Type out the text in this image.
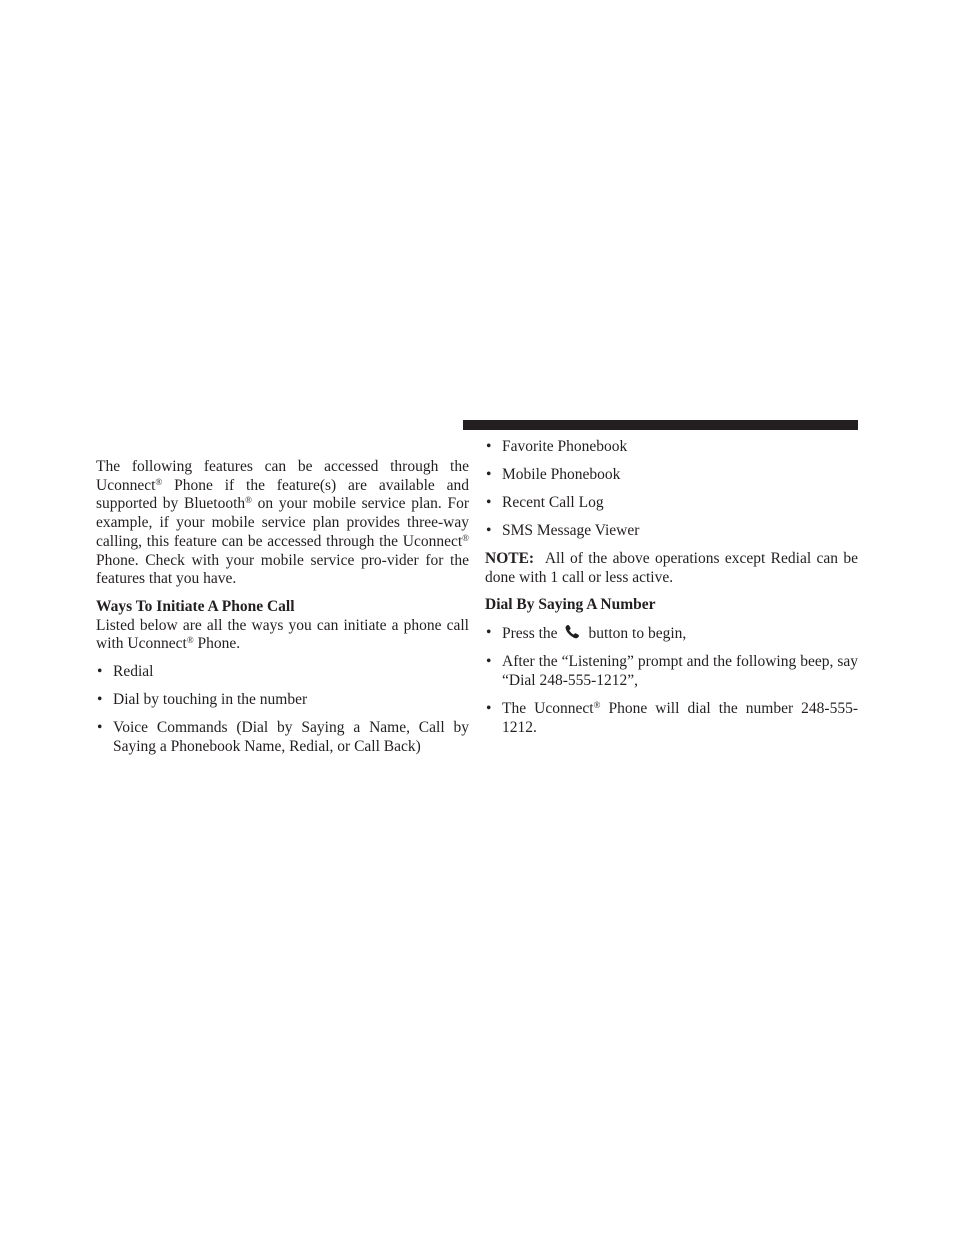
The following features can be accessed through the Uconnect® Phone if the feature(s) are available and supported by Bluetooth® on your mobile service plan. For example, if your mobile service plan provides three-way calling, this feature can be accessed through the Uconnect® Phone. Check with your mobile service pro-vider for the features that you have.

Ways To Initiate A Phone Call

Listed below are all the ways you can initiate a phone call with Uconnect® Phone.

• Redial
• Dial by touching in the number
• Voice Commands (Dial by Saying a Name, Call by Saying a Phonebook Name, Redial, or Call Back)
• Favorite Phonebook
• Mobile Phonebook
• Recent Call Log
• SMS Message Viewer

NOTE: All of the above operations except Redial can be done with 1 call or less active.

Dial By Saying A Number
• Press the button to begin,
• After the “Listening” prompt and the following beep, say “Dial 248-555-1212”,
• The Uconnect® Phone will dial the number 248-555-1212.
